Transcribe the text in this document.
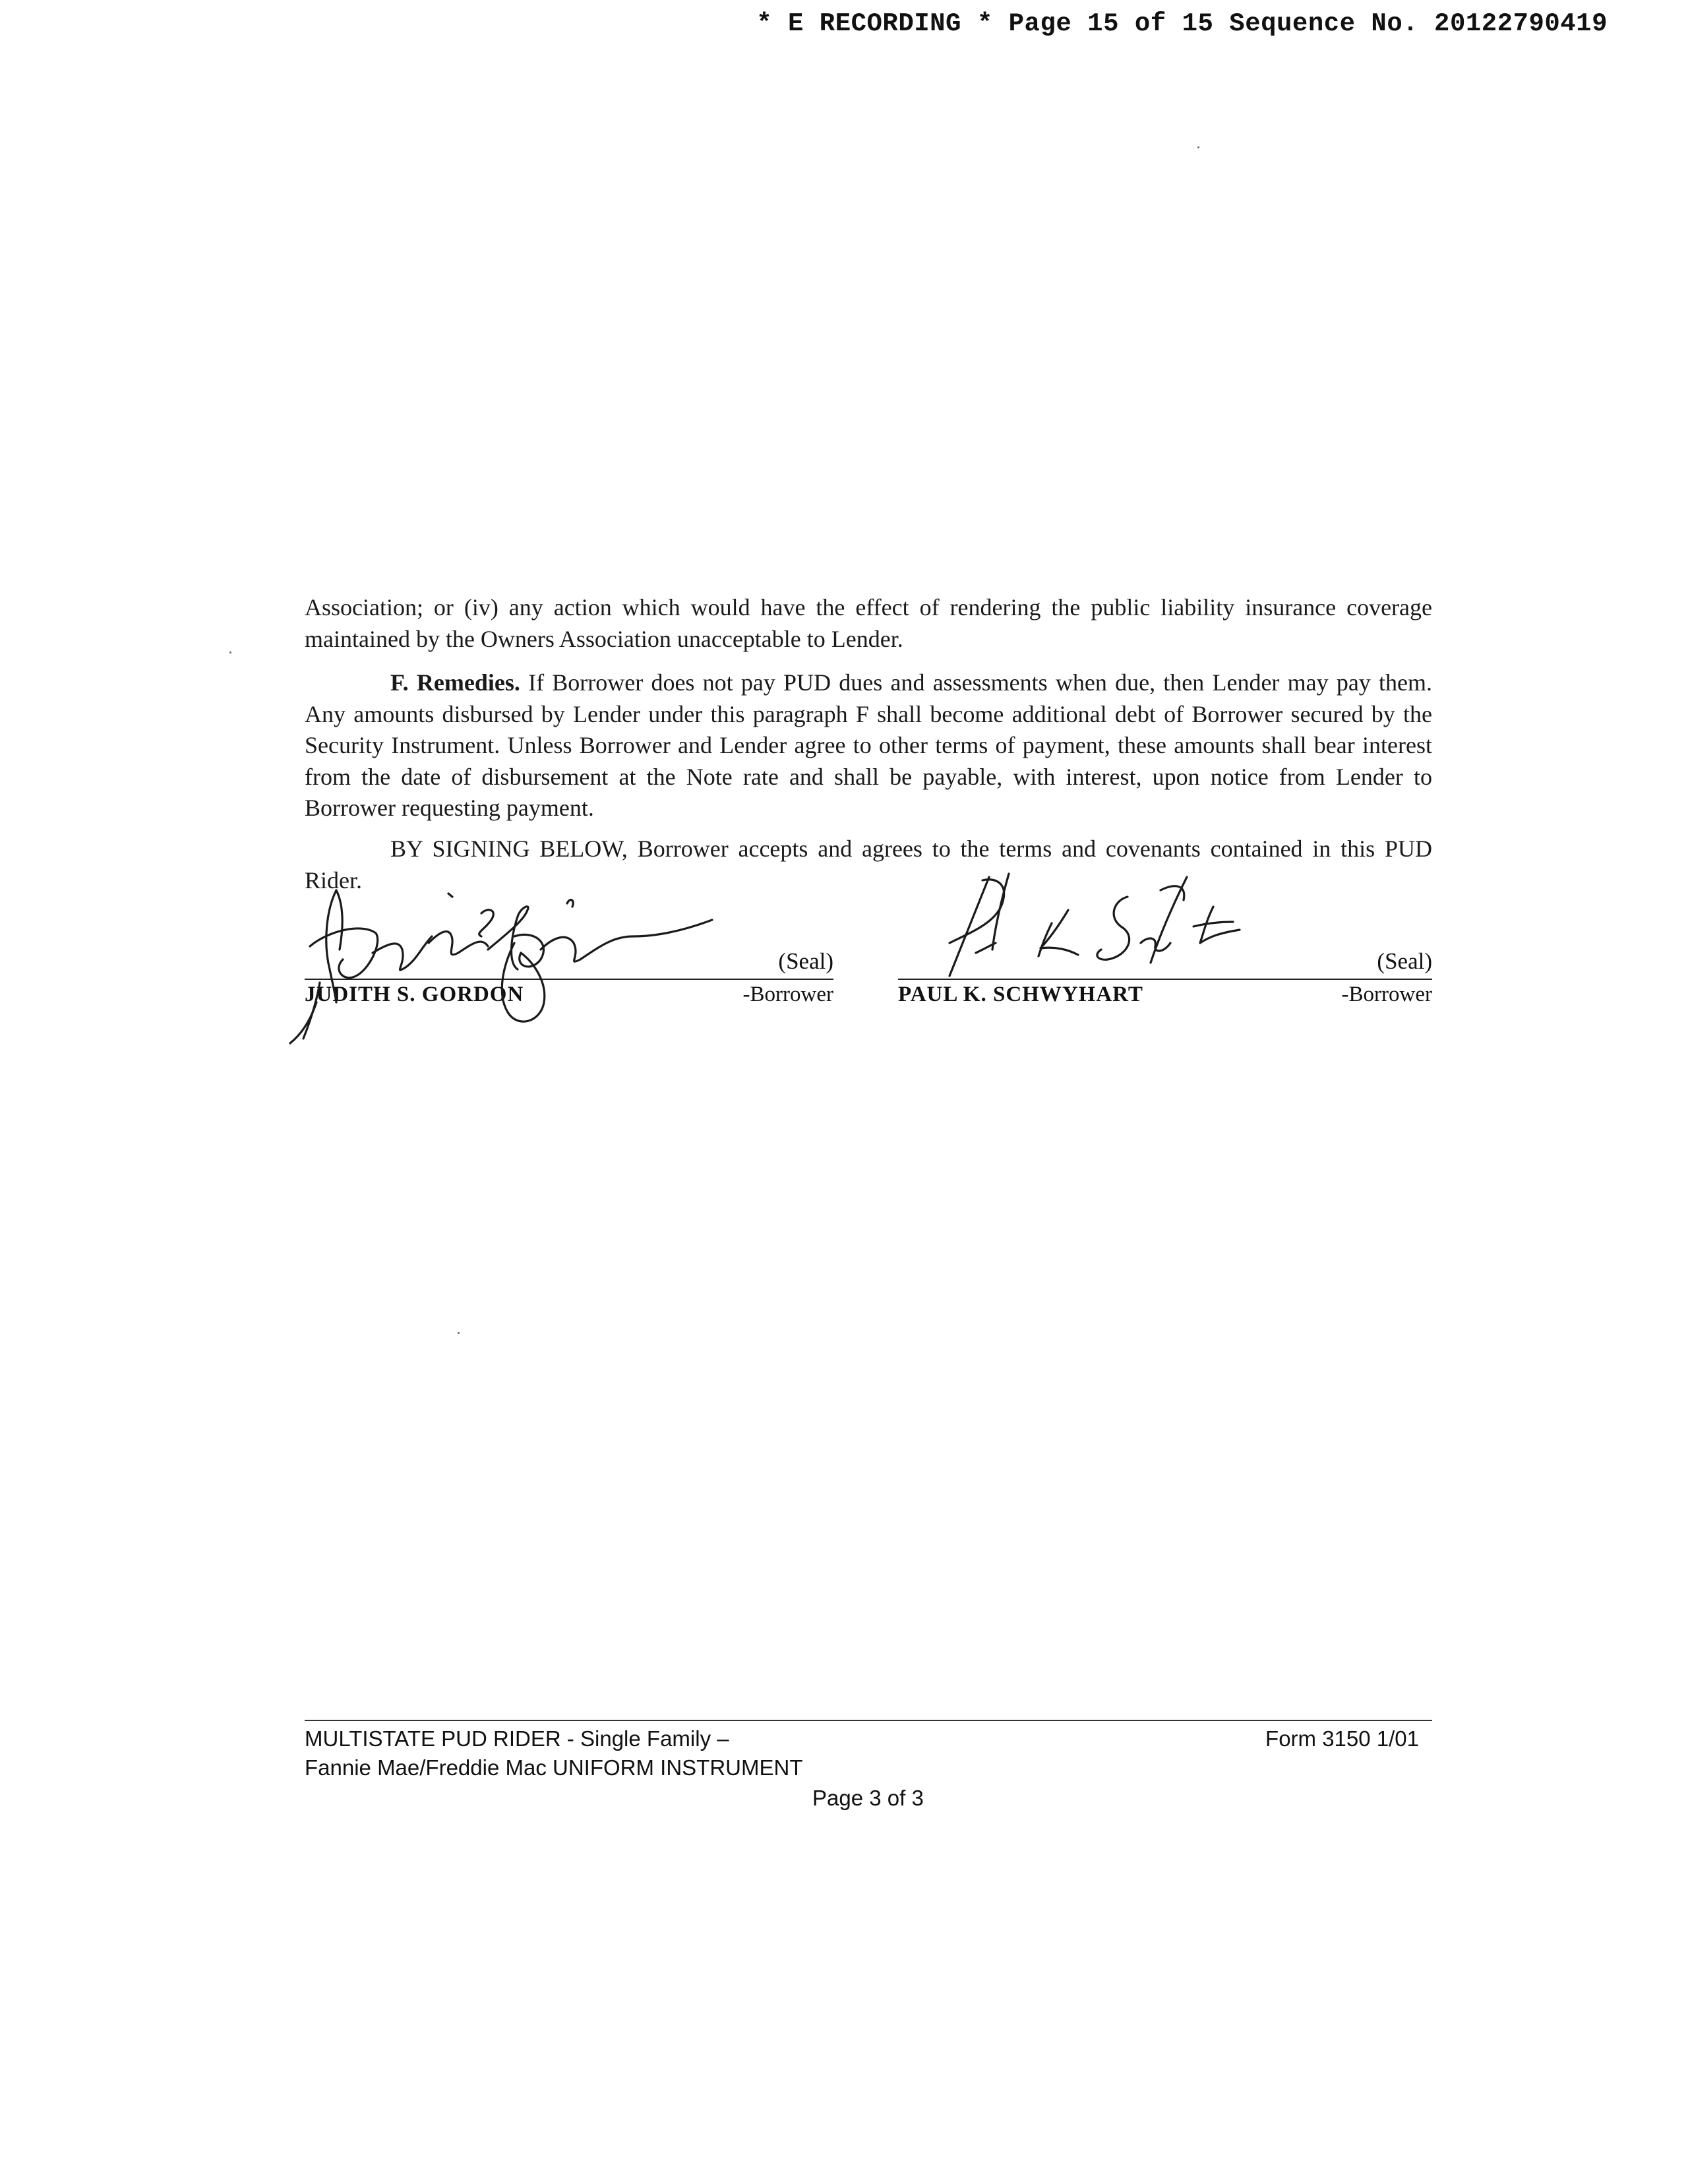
* E RECORDING * Page 15 of 15 Sequence No. 20122790419

Association; or (iv) any action which would have the effect of rendering the public liability insurance coverage maintained by the Owners Association unacceptable to Lender.

F. Remedies. If Borrower does not pay PUD dues and assessments when due, then Lender may pay them. Any amounts disbursed by Lender under this paragraph F shall become additional debt of Borrower secured by the Security Instrument. Unless Borrower and Lender agree to other terms of payment, these amounts shall bear interest from the date of disbursement at the Note rate and shall be payable, with interest, upon notice from Lender to Borrower requesting payment.

BY SIGNING BELOW, Borrower accepts and agrees to the terms and covenants contained in this PUD Rider.

(Seal)
JUDITH S. GORDON	-Borrower
(Seal)
PAUL K. SCHWYHART	-Borrower
MULTISTATE PUD RIDER - Single Family –	Form 3150 1/01
Fannie Mae/Freddie Mac UNIFORM INSTRUMENT
Page 3 of 3
